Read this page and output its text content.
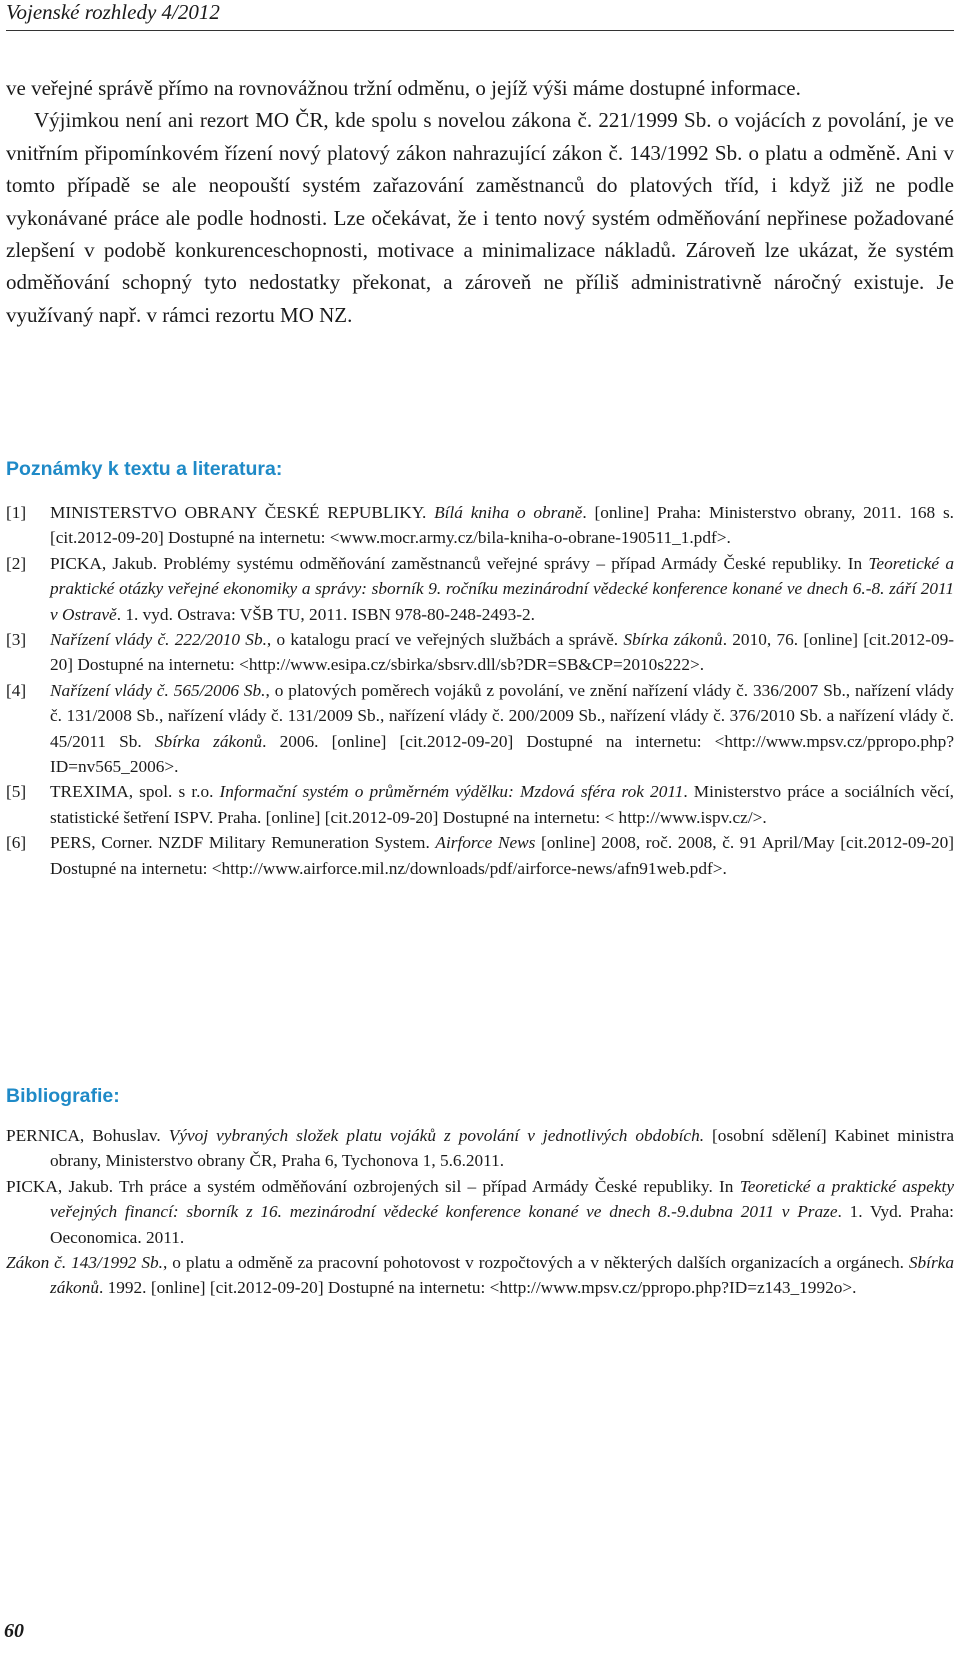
Vojenské rozhledy 4/2012

ve veřejné správě přímo na rovnovážnou tržní odměnu, o jejíž výši máme dostupné informace.

Výjimkou není ani rezort MO ČR, kde spolu s novelou zákona č. 221/1999 Sb. o vojácích z povolání, je ve vnitřním připomínkovém řízení nový platový zákon nahrazující zákon č. 143/1992 Sb. o platu a odměně. Ani v tomto případě se ale neopouští systém zařazování zaměstnanců do platových tříd, i když již ne podle vykonávané práce ale podle hodnosti. Lze očekávat, že i tento nový systém odměňování nepřinese požadované zlepšení v podobě konkurenceschopnosti, motivace a minimalizace nákladů. Zároveň lze ukázat, že systém odměňování schopný tyto nedostatky překonat, a zároveň ne příliš administrativně náročný existuje. Je využívaný např. v rámci rezortu MO NZ.

Poznámky k textu a literatura:
[1] MINISTERSTVO OBRANY ČESKÉ REPUBLIKY. Bílá kniha o obraně. [online] Praha: Ministerstvo obrany, 2011. 168 s. [cit.2012-09-20] Dostupné na internetu: <www.mocr.army.cz/bila-kniha-o-obrane-190511_1.pdf>.
[2] PICKA, Jakub. Problémy systému odměňování zaměstnanců veřejné správy – případ Armády České republiky. In Teoretické a praktické otázky veřejné ekonomiky a správy: sborník 9. ročníku mezinárodní vědecké konference konané ve dnech 6.-8. září 2011 v Ostravě. 1. vyd. Ostrava: VŠB TU, 2011. ISBN 978-80-248-2493-2.
[3] Nařízení vlády č. 222/2010 Sb., o katalogu prací ve veřejných službách a správě. Sbírka zákonů. 2010, 76. [online] [cit.2012-09-20] Dostupné na internetu: <http://www.esipa.cz/sbirka/sbsrv.dll/sb?DR=SB&CP=2010s222>.
[4] Nařízení vlády č. 565/2006 Sb., o platových poměrech vojáků z povolání, ve znění nařízení vlády č. 336/2007 Sb., nařízení vlády č. 131/2008 Sb., nařízení vlády č. 131/2009 Sb., nařízení vlády č. 200/2009 Sb., nařízení vlády č. 376/2010 Sb. a nařízení vlády č. 45/2011 Sb. Sbírka zákonů. 2006. [online] [cit.2012-09-20] Dostupné na internetu: <http://www.mpsv.cz/ppropo.php?ID=nv565_2006>.
[5] TREXIMA, spol. s r.o. Informační systém o průměrném výdělku: Mzdová sféra rok 2011. Ministerstvo práce a sociálních věcí, statistické šetření ISPV. Praha. [online] [cit.2012-09-20] Dostupné na internetu: < http://www.ispv.cz/>.
[6] PERS, Corner. NZDF Military Remuneration System. Airforce News [online] 2008, roč. 2008, č. 91 April/May [cit.2012-09-20] Dostupné na internetu: <http://www.airforce.mil.nz/downloads/pdf/airforce-news/afn91web.pdf>.
Bibliografie:
PERNICA, Bohuslav. Vývoj vybraných složek platu vojáků z povolání v jednotlivých obdobích. [osobní sdělení] Kabinet ministra obrany, Ministerstvo obrany ČR, Praha 6, Tychonova 1, 5.6.2011.
PICKA, Jakub. Trh práce a systém odměňování ozbrojených sil – případ Armády České republiky. In Teoretické a praktické aspekty veřejných financí: sborník z 16. mezinárodní vědecké konference konané ve dnech 8.-9.dubna 2011 v Praze. 1. Vyd. Praha: Oeconomica. 2011.
Zákon č. 143/1992 Sb., o platu a odměně za pracovní pohotovost v rozpočtových a v některých dalších organizacích a orgánech. Sbírka zákonů. 1992. [online] [cit.2012-09-20] Dostupné na internetu: <http://www.mpsv.cz/ppropo.php?ID=z143_1992o>.
60
